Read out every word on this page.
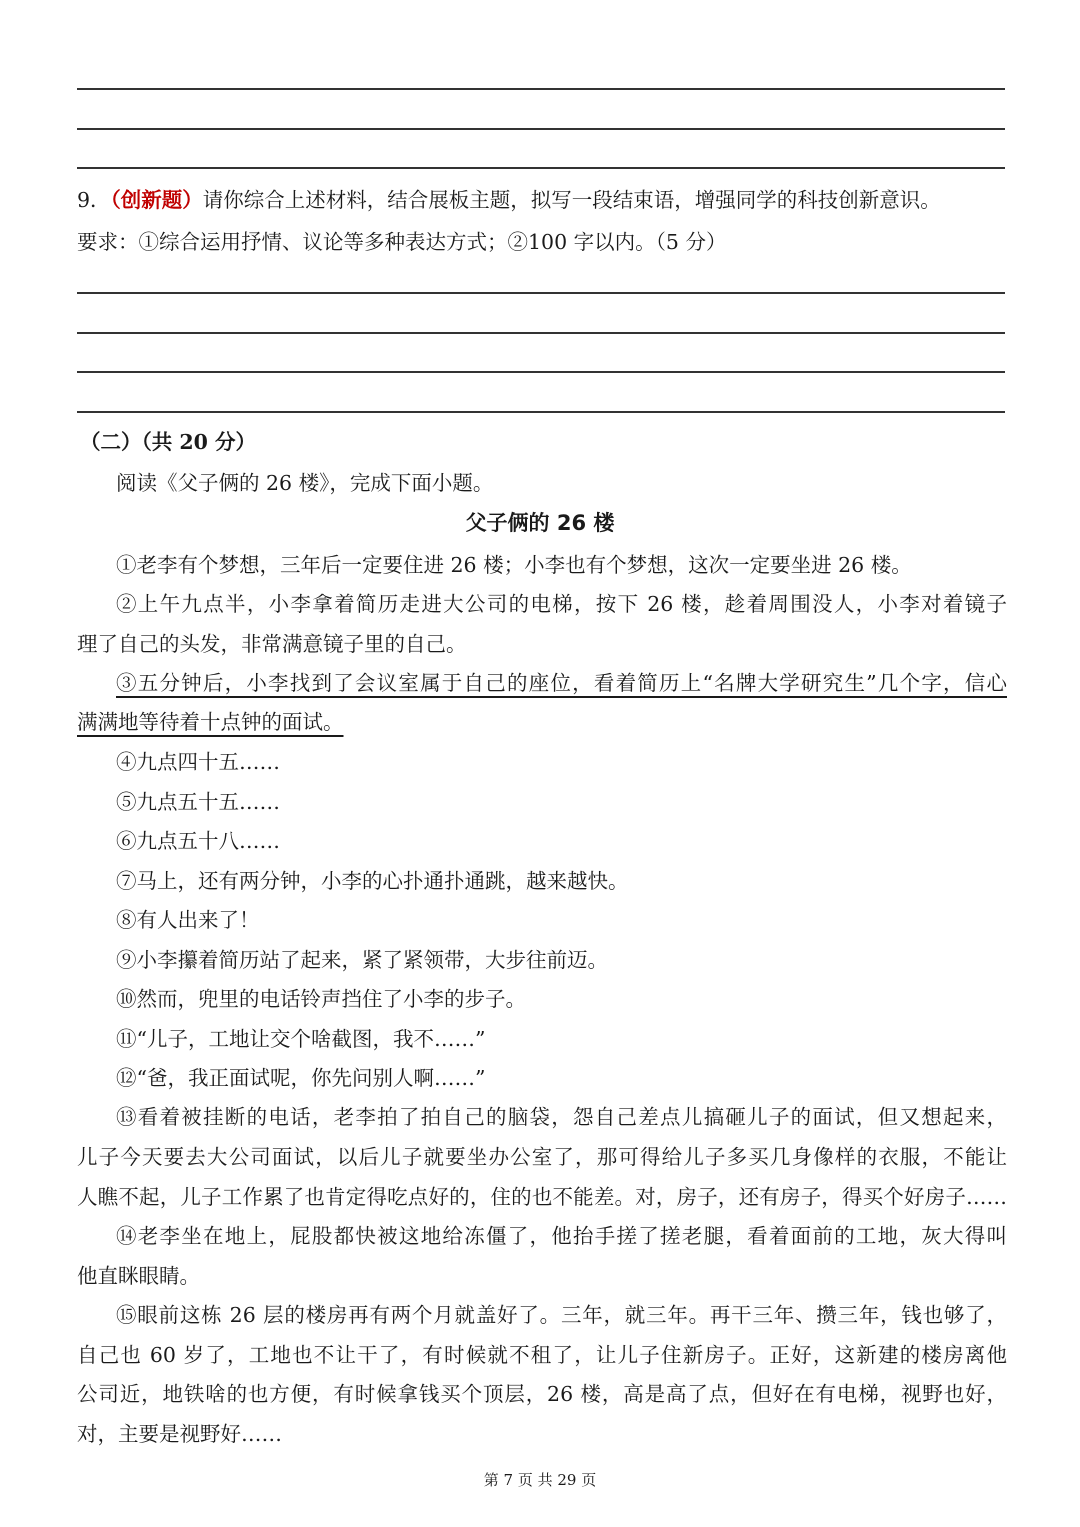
9．（创新题）请你综合上述材料，结合展板主题，拟写一段结束语，增强同学的科技创新意识。
要求：①综合运用抒情、议论等多种表达方式；②100 字以内。（5 分）
（二）（共 20 分）
阅读《父子俩的 26 楼》，完成下面小题。
父子俩的 26 楼
①老李有个梦想，三年后一定要住进 26 楼；小李也有个梦想，这次一定要坐进 26 楼。
②上午九点半，小李拿着简历走进大公司的电梯，按下 26 楼，趁着周围没人，小李对着镜子
理了自己的头发，非常满意镜子里的自己。
③五分钟后，小李找到了会议室属于自己的座位，看着简历上“名牌大学研究生”几个字，信心
满满地等待着十点钟的面试。
④九点四十五……
⑤九点五十五……
⑥九点五十八……
⑦马上，还有两分钟，小李的心扑通扑通跳，越来越快。
⑧有人出来了！
⑨小李攥着简历站了起来，紧了紧领带，大步往前迈。
⑩然而，兜里的电话铃声挡住了小李的步子。
⑪“儿子，工地让交个啥截图，我不……”
⑫“爸，我正面试呢，你先问别人啊……”
⑬看着被挂断的电话，老李拍了拍自己的脑袋，怨自己差点儿搞砸儿子的面试，但又想起来，
儿子今天要去大公司面试，以后儿子就要坐办公室了，那可得给儿子多买几身像样的衣服，不能让
人瞧不起，儿子工作累了也肯定得吃点好的，住的也不能差。对，房子，还有房子，得买个好房子……
⑭老李坐在地上，屁股都快被这地给冻僵了，他抬手搓了搓老腿，看着面前的工地，灰大得叫
他直眯眼睛。
⑮眼前这栋 26 层的楼房再有两个月就盖好了。三年，就三年。再干三年、攒三年，钱也够了，
自己也 60 岁了，工地也不让干了，有时候就不租了，让儿子住新房子。正好，这新建的楼房离他
公司近，地铁啥的也方便，有时候拿钱买个顶层，26 楼，高是高了点，但好在有电梯，视野也好，
对，主要是视野好……
第 7 页 共 29 页
